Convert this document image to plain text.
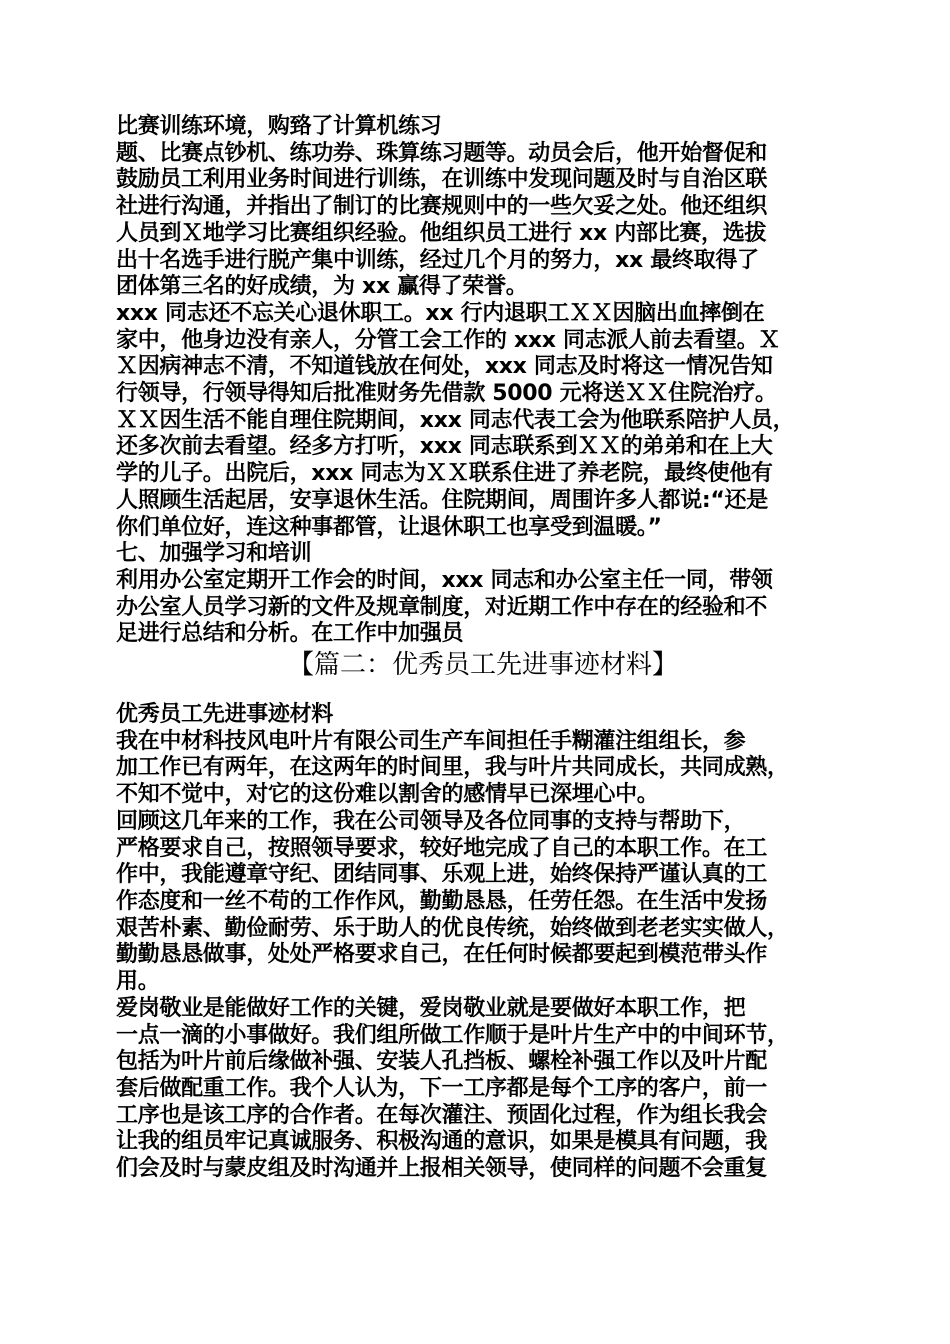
比赛训练环境，购臵了计算机练习
题、比赛点钞机、练功券、珠算练习题等。动员会后，他开始督促和
鼓励员工利用业务时间进行训练，在训练中发现问题及时与自治区联
社进行沟通，并指出了制订的比赛规则中的一些欠妥之处。他还组织
人员到Ｘ地学习比赛组织经验。他组织员工进行 xx 内部比赛，选拔
出十名选手进行脱产集中训练，经过几个月的努力，xx 最终取得了
团体第三名的好成绩，为 xx 赢得了荣誉。
xxx 同志还不忘关心退休职工。xx 行内退职工ＸＸ因脑出血摔倒在
家中，他身边没有亲人，分管工会工作的 xxx 同志派人前去看望。Ｘ
Ｘ因病神志不清，不知道钱放在何处，xxx 同志及时将这一情况告知
行领导，行领导得知后批准财务先借款 5000 元将送ＸＸ住院治疗。
ＸＸ因生活不能自理住院期间，xxx 同志代表工会为他联系陪护人员，
还多次前去看望。经多方打听，xxx 同志联系到ＸＸ的弟弟和在上大
学的儿子。出院后，xxx 同志为ＸＸ联系住进了养老院，最终使他有
人照顾生活起居，安享退休生活。住院期间，周围许多人都说:“还是
你们单位好，连这种事都管，让退休职工也享受到温暖。”
七、加强学习和培训
利用办公室定期开工作会的时间，xxx 同志和办公室主任一同，带领
办公室人员学习新的文件及规章制度，对近期工作中存在的经验和不
足进行总结和分析。在工作中加强员
【篇二：优秀员工先进事迹材料】
优秀员工先进事迹材料
我在中材科技风电叶片有限公司生产车间担任手糊灌注组组长，参
加工作已有两年，在这两年的时间里，我与叶片共同成长，共同成熟，
不知不觉中，对它的这份难以割舍的感情早已深埋心中。
回顾这几年来的工作，我在公司领导及各位同事的支持与帮助下，
严格要求自己，按照领导要求，较好地完成了自己的本职工作。在工
作中，我能遵章守纪、团结同事、乐观上进，始终保持严谨认真的工
作态度和一丝不苟的工作作风，勤勤恳恳，任劳任怨。在生活中发扬
艰苦朴素、勤俭耐劳、乐于助人的优良传统，始终做到老老实实做人，
勤勤恳恳做事，处处严格要求自己，在任何时候都要起到模范带头作
用。
爱岗敬业是能做好工作的关键，爱岗敬业就是要做好本职工作，把
一点一滴的小事做好。我们组所做工作顺于是叶片生产中的中间环节，
包括为叶片前后缘做补强、安装人孔挡板、螺栓补强工作以及叶片配
套后做配重工作。我个人认为，下一工序都是每个工序的客户，前一
工序也是该工序的合作者。在每次灌注、预固化过程，作为组长我会
让我的组员牢记真诚服务、积极沟通的意识，如果是模具有问题，我
们会及时与蒙皮组及时沟通并上报相关领导，使同样的问题不会重复
